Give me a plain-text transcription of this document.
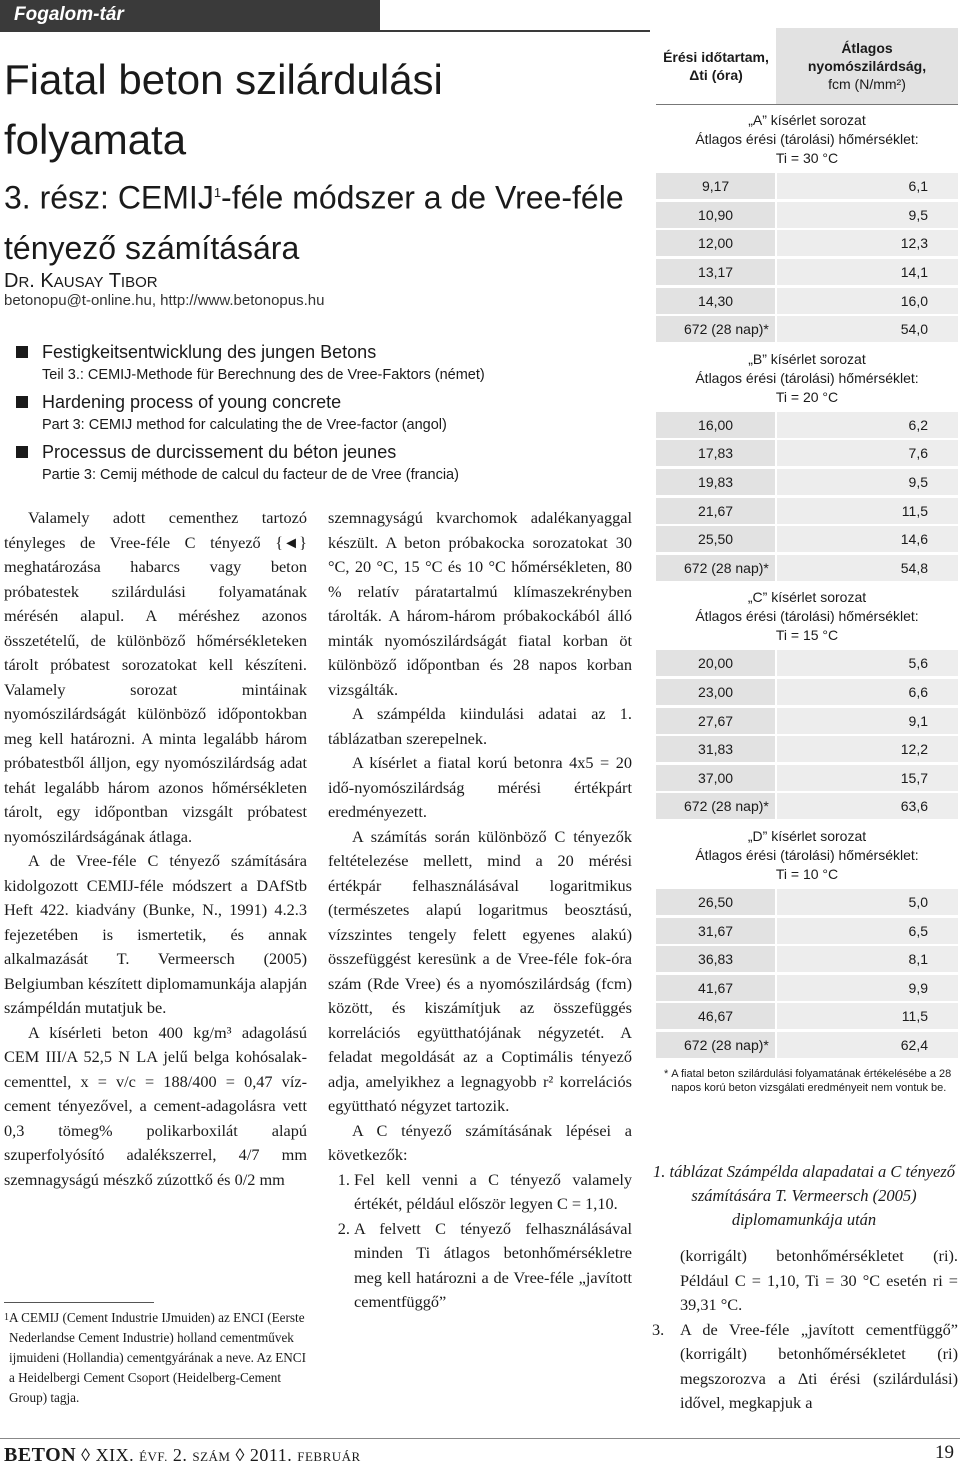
Fogalom-tár
Fiatal beton szilárdulási
folyamata
3. rész: CEMIJ$^1$-féle módszer a de Vree-féle
tényező számítására
DR. KAUSAY TIBOR
betonopu@t-online.hu, http://www.betonopus.hu
Festigkeitsentwicklung des jungen Betons
Teil 3.: CEMIJ-Methode für Berechnung des de Vree-Faktors (német)
Hardening process of young concrete
Part 3: CEMIJ method for calculating the de Vree-factor (angol)
Processus de durcissement du béton jeunes
Partie 3: Cemij méthode de calcul du facteur de de Vree (francia)

Valamely adott cementhez tartozó tényleges de Vree-féle C tényező {◄} meghatározása habarcs vagy beton próbatestek szilárdulási folyamatának mérésén alapul. A méréshez azonos összetételű, de különböző hőmérsékleteken tárolt próbatest sorozatokat kell készíteni. Valamely sorozat mintáinak nyomószilárdságát különböző időpontokban meg kell határozni. A minta legalább három próbatestből álljon, egy nyomószilárdság adat tehát legalább három azonos hőmérsékleten tárolt, egy időpontban vizsgált próbatest nyomószilárdságának átlaga.

A de Vree-féle C tényező számítására kidolgozott CEMIJ-féle módszert a DAfStb Heft 422. kiadvány (Bunke, N., 1991) 4.2.3 fejezetében is ismertetik, és annak alkalmazását T. Vermeersch (2005) Belgiumban készített diplomamunkája alapján számpéldán mutatjuk be.

A kísérleti beton 400 kg/m³ adagolású CEM III/A 52,5 N LA jelű belga kohósalak-cementtel, x = v/c = 188/400 = 0,47 víz-cement tényezővel, a cement-adagolásra vett 0,3 tömeg% polikarboxilát alapú szuperfolyósító adalékszerrel, 4/7 mm szemnagyságú mészkő zúzottkő és 0/2 mm

1 A CEMIJ (Cement Industrie IJmuiden) az ENCI (Eerste Nederlandse Cement Industrie) holland cementművek ijmuideni (Hollandia) cementgyárának a neve. Az ENCI a Heidelbergi Cement Csoport (Heidelberg-Cement Group) tagja.

szemnagyságú kvarchomok adalékanyaggal készült. A beton próbakocka sorozatokat 30 °C, 20 °C, 15 °C és 10 °C hőmérsékleten, 80 % relatív páratartalmú klímaszekrényben tárolták. A három-három próbakockából álló minták nyomószilárdságát fiatal korban öt különböző időpontban és 28 napos korban vizsgálták.

A számpélda kiindulási adatai az 1. táblázatban szerepelnek.

A kísérlet a fiatal korú betonra 4x5 = 20 idő-nyomószilárdság mérési értékpárt eredményezett.

A számítás során különböző C tényezők feltételezése mellett, mind a 20 mérési értékpár felhasználásával logaritmikus (természetes alapú logaritmus beosztású, vízszintes tengely felett egyenes alakú) összefüggést keresünk a de Vree-féle fok-óra szám (Rde Vree) és a nyomószilárdság (fcm) között, és kiszámítjuk az összefüggés korrelációs együtthatójának négyzetét. A feladat megoldását az a Coptimális tényező adja, amelyikhez a legnagyobb r² korrelációs együttható négyzet tartozik.

A C tényező számításának lépései a következők:

1. Fel kell venni a C tényező valamely értékét, például először legyen C = 1,10.
2. A felvett C tényező felhasználásával minden Ti átlagos betonhőmérsékletre meg kell határozni a de Vree-féle „javított cementfüggő”
Érési időtartam, Δti (óra)
Átlagos
nyomószilárdság,
fcm (N/mm²)
„A” kísérlet sorozat
Átlagos érési (tárolási) hőmérséklet:
Ti = 30 °C
9,17	6,1
10,90	9,5
12,00	12,3
13,17	14,1
14,30	16,0
672 (28 nap)*	54,0
„B” kísérlet sorozat
Átlagos érési (tárolási) hőmérséklet:
Ti = 20 °C
16,00	6,2
17,83	7,6
19,83	9,5
21,67	11,5
25,50	14,6
672 (28 nap)*	54,8
„C” kísérlet sorozat
Átlagos érési (tárolási) hőmérséklet:
Ti = 15 °C
20,00	5,6
23,00	6,6
27,67	9,1
31,83	12,2
37,00	15,7
672 (28 nap)*	63,6
„D” kísérlet sorozat
Átlagos érési (tárolási) hőmérséklet:
Ti = 10 °C
26,50	5,0
31,67	6,5
36,83	8,1
41,67	9,9
46,67	11,5
672 (28 nap)*	62,4
* A fiatal beton szilárdulási folyamatának értékelésébe a 28 napos korú beton vizsgálati eredményeit nem vontuk be.
1. táblázat Számpélda alapadatai a C tényező számítására T. Vermeersch (2005) diplomamunkája után

(korrigált) betonhőmérsékletet (ri). Például C = 1,10, Ti = 30 °C esetén ri = 39,31 °C.

3. A de Vree-féle „javított cementfüggő” (korrigált) betonhőmérsékletet (ri) megszorozva a Δti érési (szilárdulási) idővel, megkapjuk a
BETON ◊ XIX. ÉVF. 2. SZÁM ◊ 2011. FEBRUÁR	19
